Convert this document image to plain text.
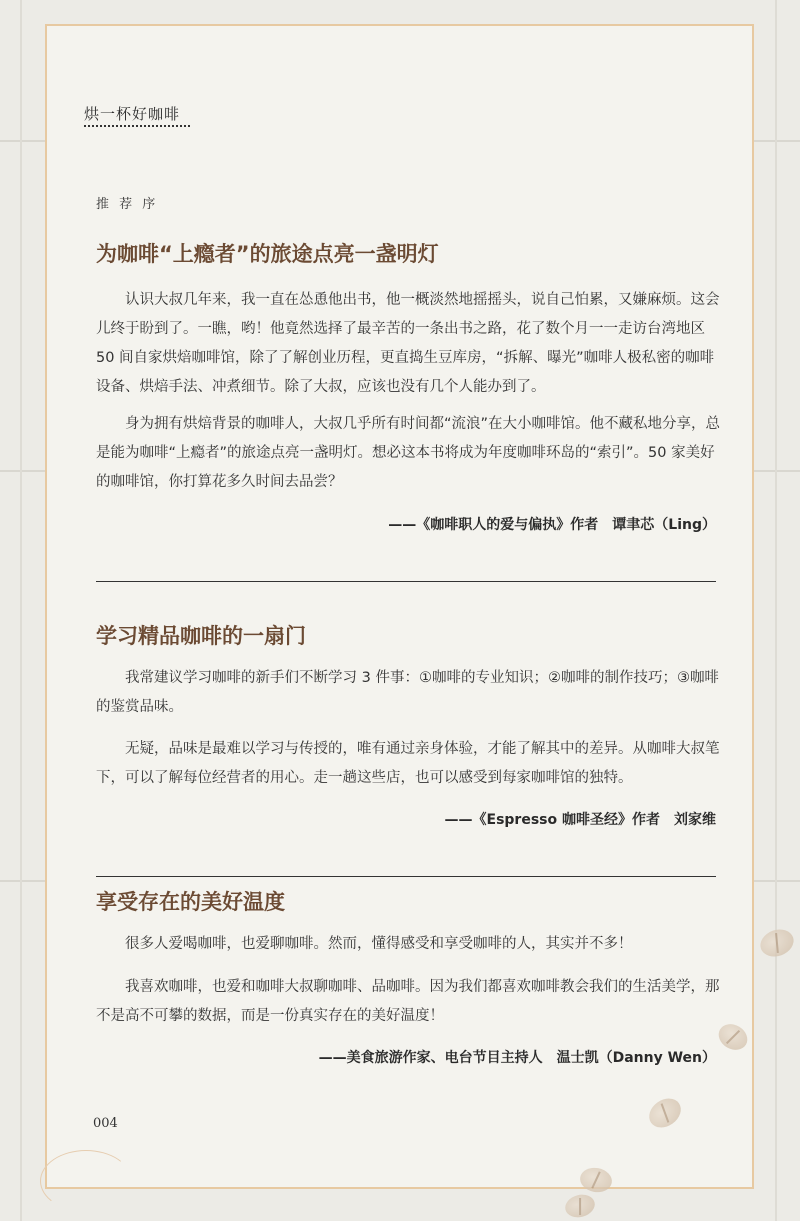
烘一杯好咖啡
推 荐 序
为咖啡“上瘾者”的旅途点亮一盏明灯

认识大叔几年来，我一直在怂恿他出书，他一概淡然地摇摇头，说自己怕累，又嫌麻烦。这会儿终于盼到了。一瞧，哟！他竟然选择了最辛苦的一条出书之路，花了数个月一一走访台湾地区 50 间自家烘焙咖啡馆，除了了解创业历程，更直捣生豆库房，“拆解、曝光”咖啡人极私密的咖啡设备、烘焙手法、冲煮细节。除了大叔，应该也没有几个人能办到了。

身为拥有烘焙背景的咖啡人，大叔几乎所有时间都“流浪”在大小咖啡馆。他不藏私地分享，总是能为咖啡“上瘾者”的旅途点亮一盏明灯。想必这本书将成为年度咖啡环岛的“索引”。50 家美好的咖啡馆，你打算花多久时间去品尝？

——《咖啡职人的爱与偏执》作者　谭聿芯（Ling）
学习精品咖啡的一扇门

我常建议学习咖啡的新手们不断学习 3 件事：①咖啡的专业知识；②咖啡的制作技巧；③咖啡的鉴赏品味。

无疑，品味是最难以学习与传授的，唯有通过亲身体验，才能了解其中的差异。从咖啡大叔笔下，可以了解每位经营者的用心。走一趟这些店，也可以感受到每家咖啡馆的独特。

——《Espresso 咖啡圣经》作者　刘家维
享受存在的美好温度

很多人爱喝咖啡，也爱聊咖啡。然而，懂得感受和享受咖啡的人，其实并不多！

我喜欢咖啡，也爱和咖啡大叔聊咖啡、品咖啡。因为我们都喜欢咖啡教会我们的生活美学，那不是高不可攀的数据，而是一份真实存在的美好温度！

——美食旅游作家、电台节目主持人　温士凯（Danny Wen）
004
